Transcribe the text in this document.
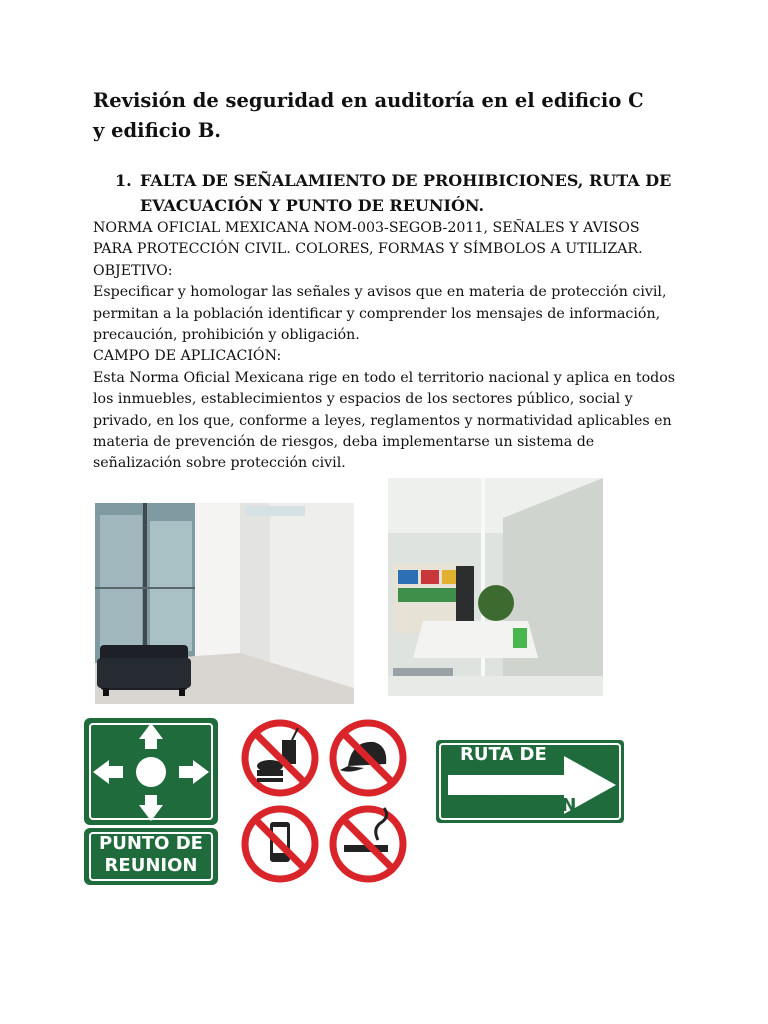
Revisión de seguridad en auditoría en el edificio C y edificio B.
1. FALTA DE SEÑALAMIENTO DE PROHIBICIONES, RUTA DE EVACUACIÓN Y PUNTO DE REUNIÓN.

NORMA OFICIAL MEXICANA NOM-003-SEGOB-2011, SEÑALES Y AVISOS PARA PROTECCIÓN CIVIL. COLORES, FORMAS Y SÍMBOLOS A UTILIZAR.

OBJETIVO:

Especificar y homologar las señales y avisos que en materia de protección civil, permitan a la población identificar y comprender los mensajes de información, precaución, prohibición y obligación.

CAMPO DE APLICACIÓN:

Esta Norma Oficial Mexicana rige en todo el territorio nacional y aplica en todos los inmuebles, establecimientos y espacios de los sectores público, social y privado, en los que, conforme a leyes, reglamentos y normatividad aplicables en materia de prevención de riesgos, deba implementarse un sistema de señalización sobre protección civil.

PUNTO DE
REUNION
RUTA DE
EVACUACION
